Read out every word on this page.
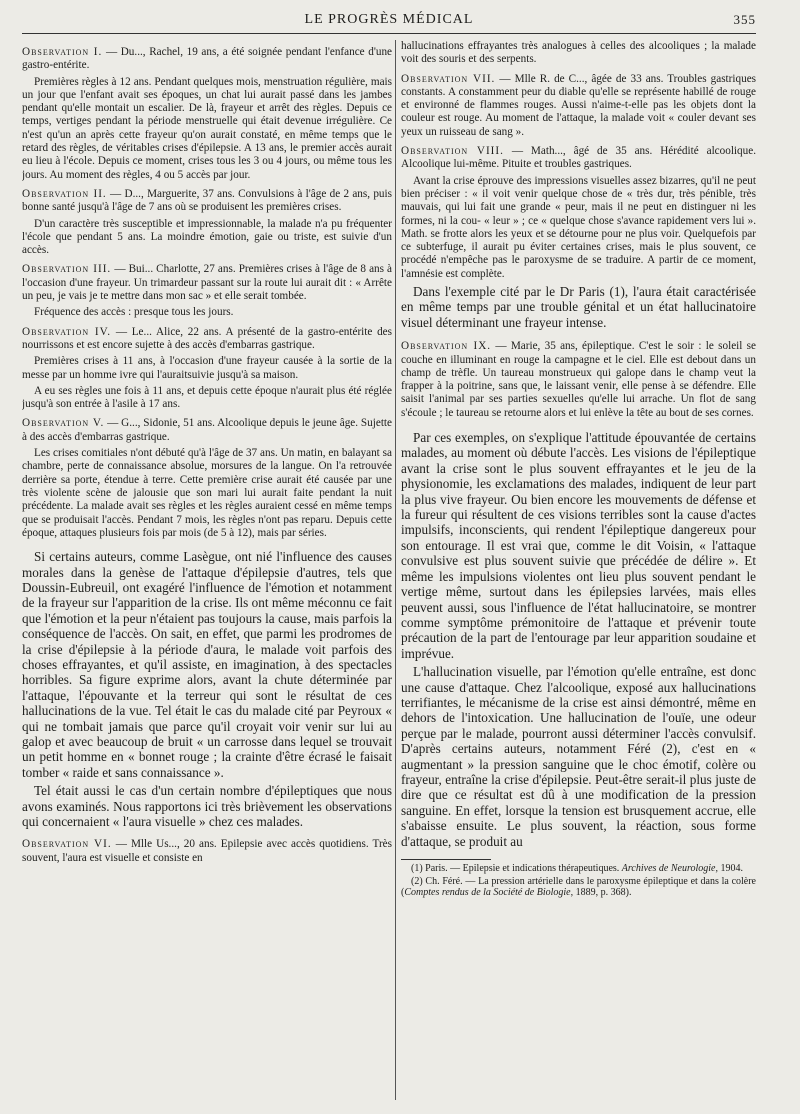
LE PROGRÈS MÉDICAL	355

Observation I. — Du..., Rachel, 19 ans, a été soignée pendant l'enfance d'une gastro-entérite.

Premières règles à 12 ans. Pendant quelques mois, menstruation régulière, mais un jour que l'enfant avait ses époques, un chat lui aurait passé dans les jambes pendant qu'elle montait un escalier. De là, frayeur et arrêt des règles. Depuis ce temps, vertiges pendant la période menstruelle qui était devenue irrégulière. Ce n'est qu'un an après cette frayeur qu'on aurait constaté, en même temps que le retard des règles, de véritables crises d'épilepsie. A 13 ans, le premier accès aurait eu lieu à l'école. Depuis ce moment, crises tous les 3 ou 4 jours, ou même tous les jours. Au moment des règles, 4 ou 5 accès par jour.

Observation II. — D..., Marguerite, 37 ans. Convulsions à l'âge de 2 ans, puis bonne santé jusqu'à l'âge de 7 ans où se produisent les premières crises.

D'un caractère très susceptible et impressionnable, la malade n'a pu fréquenter l'école que pendant 5 ans. La moindre émotion, gaie ou triste, est suivie d'un accès.

Observation III. — Bui... Charlotte, 27 ans. Premières crises à l'âge de 8 ans à l'occasion d'une frayeur. Un trimardeur passant sur la route lui aurait dit : « Arrête un peu, je vais je te mettre dans mon sac » et elle serait tombée.

Fréquence des accès : presque tous les jours.

Observation IV. — Le... Alice, 22 ans. A présenté de la gastro-entérite des nourrissons et est encore sujette à des accès d'embarras gastrique.

Premières crises à 11 ans, à l'occasion d'une frayeur causée à la sortie de la messe par un homme ivre qui l'auraitsuivie jusqu'à sa maison.

A eu ses règles une fois à 11 ans, et depuis cette époque n'aurait plus été réglée jusqu'à son entrée à l'asile à 17 ans.

Observation V. — G..., Sidonie, 51 ans. Alcoolique depuis le jeune âge. Sujette à des accès d'embarras gastrique.

Les crises comitiales n'ont débuté qu'à l'âge de 37 ans. Un matin, en balayant sa chambre, perte de connaissance absolue, morsures de la langue. On l'a retrouvée derrière sa porte, étendue à terre. Cette première crise aurait été causée par une très violente scène de jalousie que son mari lui aurait faite pendant la nuit précédente. La malade avait ses règles et les règles auraient cessé en même temps que se produisait l'accès. Pendant 7 mois, les règles n'ont pas reparu. Depuis cette époque, attaques plusieurs fois par mois (de 5 à 12), mais par séries.

Si certains auteurs, comme Lasègue, ont nié l'influence des causes morales dans la genèse de l'attaque d'épilepsie d'autres, tels que Doussin-Eubreuil, ont exagéré l'influence de l'émotion et notamment de la frayeur sur l'apparition de la crise. Ils ont même méconnu ce fait que l'émotion et la peur n'étaient pas toujours la cause, mais parfois la conséquence de l'accès. On sait, en effet, que parmi les prodromes de la crise d'épilepsie à la période d'aura, le malade voit parfois des choses effrayantes, et qu'il assiste, en imagination, à des spectacles horribles. Sa figure exprime alors, avant la chute déterminée par l'attaque, l'épouvante et la terreur qui sont le résultat de ces hallucinations de la vue. Tel était le cas du malade cité par Peyroux « qui ne tombait jamais que parce qu'il croyait voir venir sur lui au galop et avec beaucoup de bruit « un carrosse dans lequel se trouvait un petit homme en « bonnet rouge ; la crainte d'être écrasé le faisait tomber « raide et sans connaissance ».

Tel était aussi le cas d'un certain nombre d'épileptiques que nous avons examinés. Nous rapportons ici très brièvement les observations qui concernaient « l'aura visuelle » chez ces malades.

Observation VI. — Mlle Us..., 20 ans. Epilepsie avec accès quotidiens. Très souvent, l'aura est visuelle et consiste en

hallucinations effrayantes très analogues à celles des alcooliques ; la malade voit des souris et des serpents.

Observation VII. — Mlle R. de C..., âgée de 33 ans. Troubles gastriques constants. A constamment peur du diable qu'elle se représente habillé de rouge et environné de flammes rouges. Aussi n'aime-t-elle pas les objets dont la couleur est rouge. Au moment de l'attaque, la malade voit « couler devant ses yeux un ruisseau de sang ».

Observation VIII. — Math..., âgé de 35 ans. Hérédité alcoolique. Alcoolique lui-même. Pituite et troubles gastriques.

Avant la crise éprouve des impressions visuelles assez bizarres, qu'il ne peut bien préciser : « il voit venir quelque chose de « très dur, très pénible, très mauvais, qui lui fait une grande « peur, mais il ne peut en distinguer ni les formes, ni la cou- « leur » ; ce « quelque chose s'avance rapidement vers lui ». Math. se frotte alors les yeux et se détourne pour ne plus voir. Quelquefois par ce subterfuge, il aurait pu éviter certaines crises, mais le plus souvent, ce procédé n'empêche pas le paroxysme de se traduire. A partir de ce moment, l'amnésie est complète.

Dans l'exemple cité par le Dr Paris (1), l'aura était caractérisée en même temps par une trouble génital et un état hallucinatoire visuel déterminant une frayeur intense.

Observation IX. — Marie, 35 ans, épileptique. C'est le soir : le soleil se couche en illuminant en rouge la campagne et le ciel. Elle est debout dans un champ de trèfle. Un taureau monstrueux qui galope dans le champ veut la frapper à la poitrine, sans que, le laissant venir, elle pense à se défendre. Elle saisit l'animal par ses parties sexuelles qu'elle lui arrache. Un flot de sang s'écoule ; le taureau se retourne alors et lui enlève la tête au bout de ses cornes.

Par ces exemples, on s'explique l'attitude épouvantée de certains malades, au moment où débute l'accès. Les visions de l'épileptique avant la crise sont le plus souvent effrayantes et le jeu de la physionomie, les exclamations des malades, indiquent de leur part la plus vive frayeur. Ou bien encore les mouvements de défense et la fureur qui résultent de ces visions terribles sont la cause d'actes impulsifs, inconscients, qui rendent l'épileptique dangereux pour son entourage. Il est vrai que, comme le dit Voisin, « l'attaque convulsive est plus souvent suivie que précédée de délire ». Et même les impulsions violentes ont lieu plus souvent pendant le vertige même, surtout dans les épilepsies larvées, mais elles peuvent aussi, sous l'influence de l'état hallucinatoire, se montrer comme symptôme prémonitoire de l'attaque et prévenir toute précaution de la part de l'entourage par leur apparition soudaine et imprévue.

L'hallucination visuelle, par l'émotion qu'elle entraîne, est donc une cause d'attaque. Chez l'alcoolique, exposé aux hallucinations terrifiantes, le mécanisme de la crise est ainsi démontré, même en dehors de l'intoxication. Une hallucination de l'ouïe, une odeur perçue par le malade, pourront aussi déterminer l'accès convulsif. D'après certains auteurs, notamment Féré (2), c'est en « augmentant » la pression sanguine que le choc émotif, colère ou frayeur, entraîne la crise d'épilepsie. Peut-être serait-il plus juste de dire que ce résultat est dû à une modification de la pression sanguine. En effet, lorsque la tension est brusquement accrue, elle s'abaisse ensuite. Le plus souvent, la réaction, sous forme d'attaque, se produit au

(1) Paris. — Epilepsie et indications thérapeutiques. Archives de Neurologie, 1904.

(2) Ch. Féré. — La pression artérielle dans le paroxysme épileptique et dans la colère (Comptes rendus de la Société de Biologie, 1889, p. 368).
